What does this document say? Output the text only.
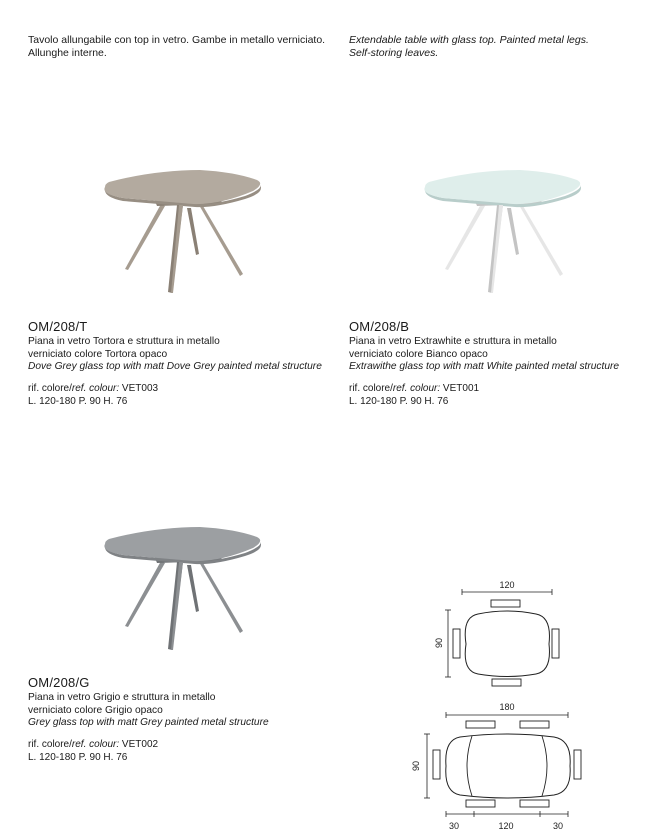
Tavolo allungabile con top in vetro. Gambe in metallo verniciato.
Allunghe interne.
Extendable table with glass top. Painted metal legs.
Self-storing leaves.
OM/208/T
Piana in vetro Tortora e struttura in metallo
verniciato colore Tortora opaco
Dove Grey glass top with matt Dove Grey painted metal structure
rif. colore/ref. colour: VET003
L. 120-180 P. 90 H. 76
OM/208/B
Piana in vetro Extrawhite e struttura in metallo
verniciato colore Bianco opaco
Extrawithe glass top with matt White painted metal structure
rif. colore/ref. colour: VET001
L. 120-180 P. 90 H. 76
OM/208/G
Piana in vetro Grigio e struttura in metallo
verniciato colore Grigio opaco
Grey glass top with matt Grey painted metal structure
rif. colore/ref. colour: VET002
L. 120-180 P. 90 H. 76
120
90
180
90
30	120	30
